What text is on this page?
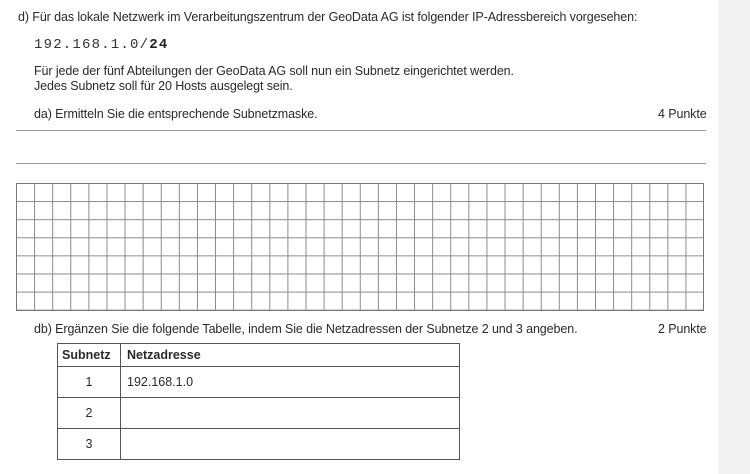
d) Für das lokale Netzwerk im Verarbeitungszentrum der GeoData AG ist folgender IP-Adressbereich vorgesehen:
192.168.1.0/24
Für jede der fünf Abteilungen der GeoData AG soll nun ein Subnetz eingerichtet werden.
Jedes Subnetz soll für 20 Hosts ausgelegt sein.
da) Ermitteln Sie die entsprechende Subnetzmaske.	4 Punkte
db) Ergänzen Sie die folgende Tabelle, indem Sie die Netzadressen der Subnetze 2 und 3 angeben.	2 Punkte
Subnetz	Netzadresse
1	192.168.1.0
2	
3	
